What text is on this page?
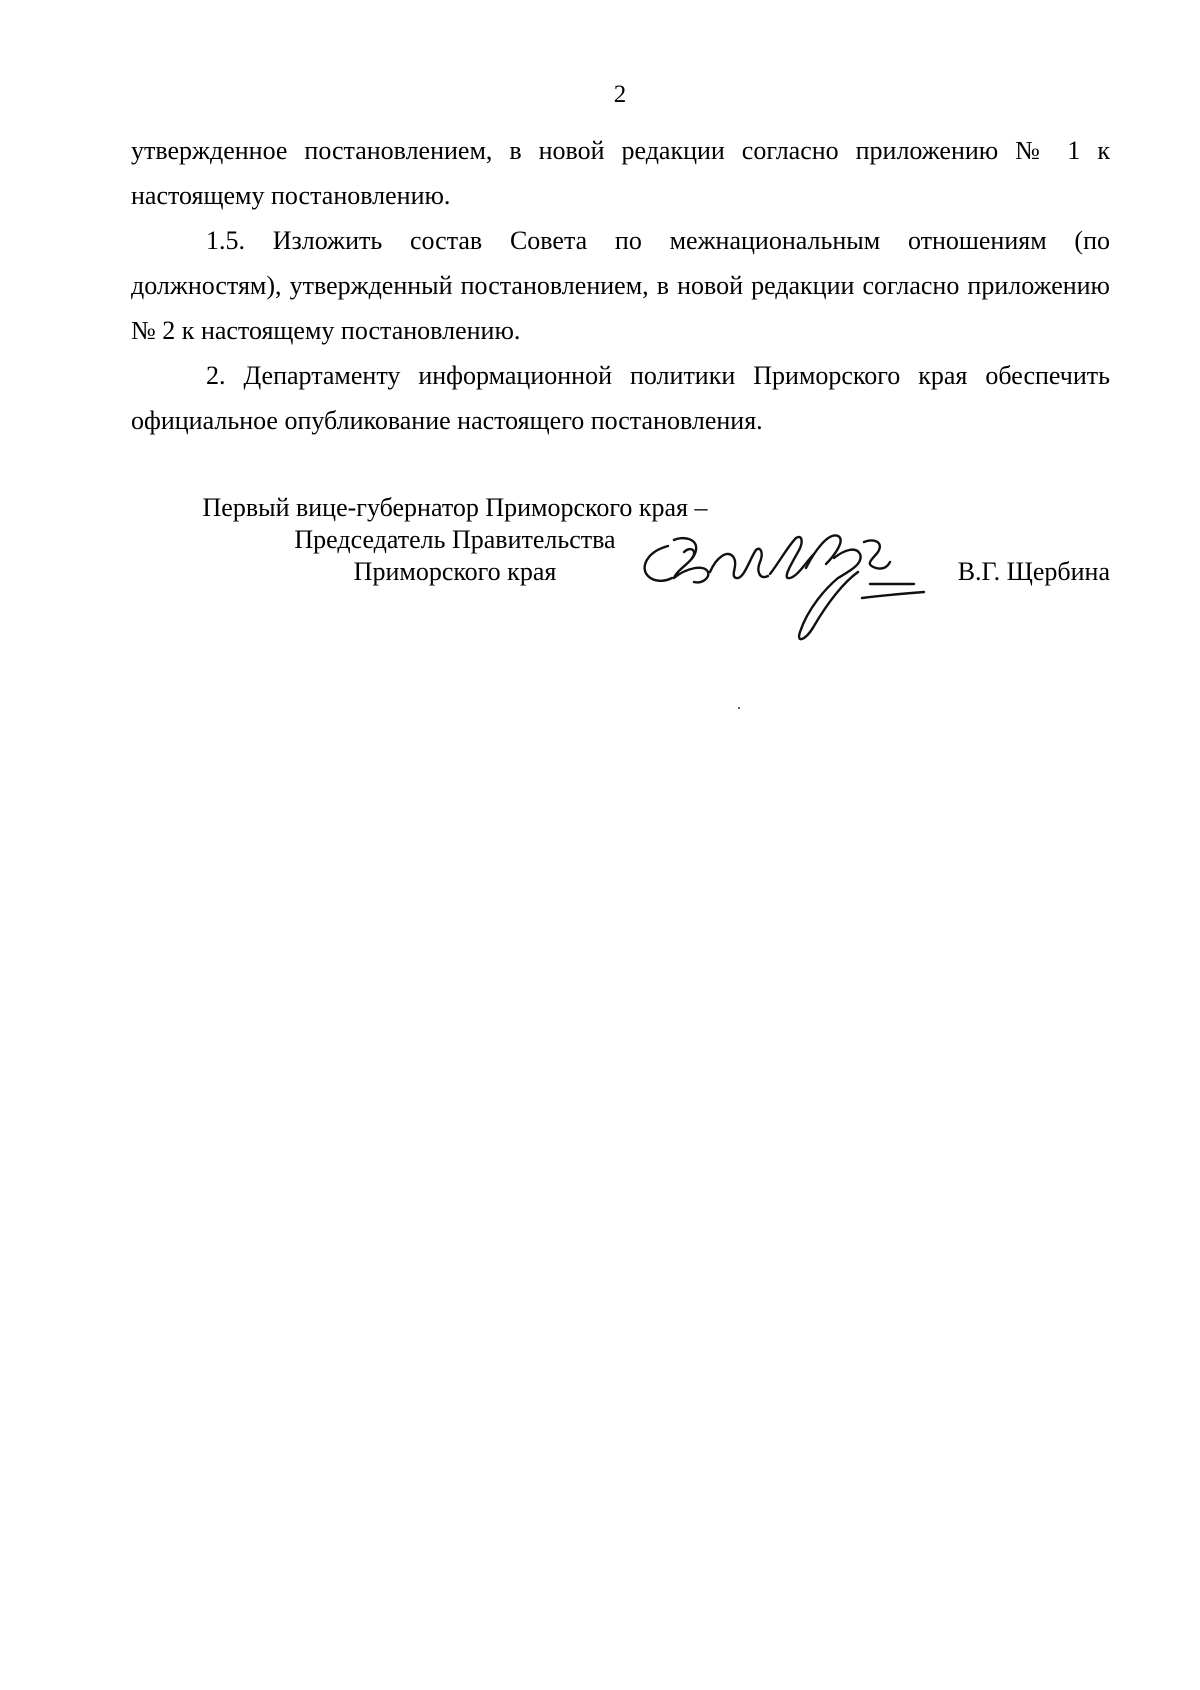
2

утвержденное постановлением, в новой редакции согласно приложению № 1 к настоящему постановлению.

1.5. Изложить состав Совета по межнациональным отношениям (по должностям), утвержденный постановлением, в новой редакции согласно приложению № 2 к настоящему постановлению.

2. Департаменту информационной политики Приморского края обеспечить официальное опубликование настоящего постановления.

Первый вице-губернатор Приморского края –
Председатель Правительства
Приморского края	В.Г. Щербина
